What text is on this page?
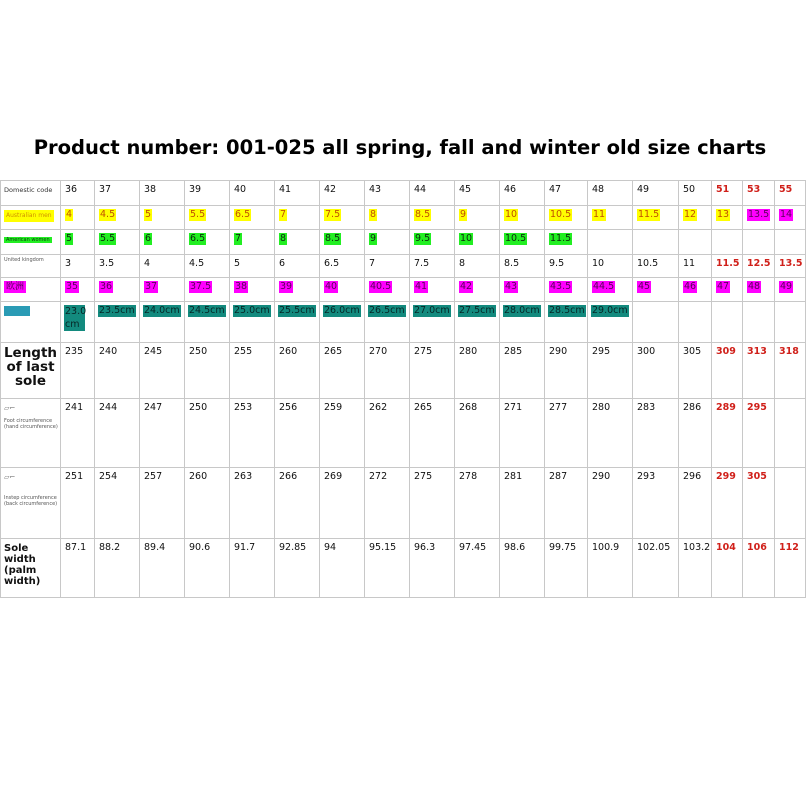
Product number: 001-025 all spring, fall and winter old size charts
Domestic code	36	37	38	39	40	41	42	43	44	45	46	47	48	49	50	51	53	55

Australian men	4	4.5	5	5.5	6.5	7	7.5	8	8.5	9	10	10.5	11	11.5	12	13	13.5	14

American women	5	5.5	6	6.5	7	8	8.5	9	9.5	10	10.5	11.5						

United kingdom	3	3.5	4	4.5	5	6	6.5	7	7.5	8	8.5	9.5	10	10.5	11	11.5	12.5	13.5

欧洲	35	36	37	37.5	38	39	40	40.5	41	42	43	43.5	44.5	45	46	47	48	49

	23.0 cm	23.5cm	24.0cm	24.5cm	25.0cm	25.5cm	26.0cm	26.5cm	27.0cm	27.5cm	28.0cm	28.5cm	29.0cm					

Length of last sole	235	240	245	250	255	260	265	270	275	280	285	290	295	300	305	309	313	318

▱⌐
Foot circumference (hand circumference)	241	244	247	250	253	256	259	262	265	268	271	277	280	283	286	289	295	

▱⌐
Instep circumference (back circumference)	251	254	257	260	263	266	269	272	275	278	281	287	290	293	296	299	305	

Sole width (palm width)	87.1	88.2	89.4	90.6	91.7	92.85	94	95.15	96.3	97.45	98.6	99.75	100.9	102.05	103.2	104	106	112
